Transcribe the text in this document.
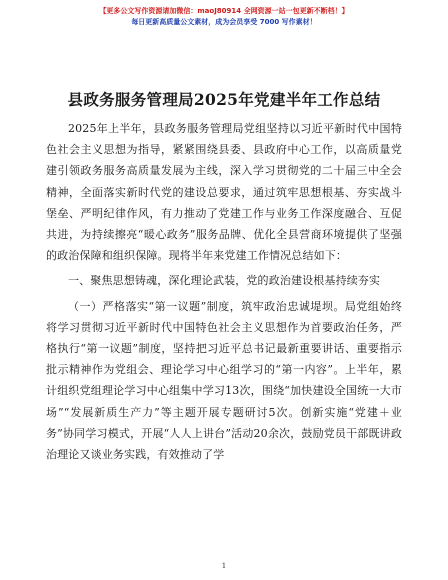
【更多公文写作资源请加微信：maoJ80914 全网资源一站一包更新不断档！】
每日更新高质量公文素材，成为会员享受 7000 写作素材！
县政务服务管理局2025年党建半年工作总结

2025年上半年，县政务服务管理局党组坚持以习近平新时代中国特色社会主义思想为指导，紧紧围绕县委、县政府中心工作，以高质量党建引领政务服务高质量发展为主线，深入学习贯彻党的二十届三中全会精神，全面落实新时代党的建设总要求，通过筑牢思想根基、夯实战斗堡垒、严明纪律作风，有力推动了党建工作与业务工作深度融合、互促共进，为持续擦亮“暖心政务”服务品牌、优化全县营商环境提供了坚强的政治保障和组织保障。现将半年来党建工作情况总结如下：

一、聚焦思想铸魂，深化理论武装，党的政治建设根基持续夯实

（一）严格落实“第一议题”制度，筑牢政治忠诚堤坝。局党组始终将学习贯彻习近平新时代中国特色社会主义思想作为首要政治任务，严格执行“第一议题”制度，坚持把习近平总书记最新重要讲话、重要指示批示精神作为党组会、理论学习中心组学习的“第一内容”。上半年，累计组织党组理论学习中心组集中学习13次，围绕“加快建设全国统一大市场”“发展新质生产力”等主题开展专题研讨5次。创新实施“党建＋业务”协同学习模式，开展“人人上讲台”活动20余次，鼓励党员干部既讲政治理论又谈业务实践，有效推动了学

1
